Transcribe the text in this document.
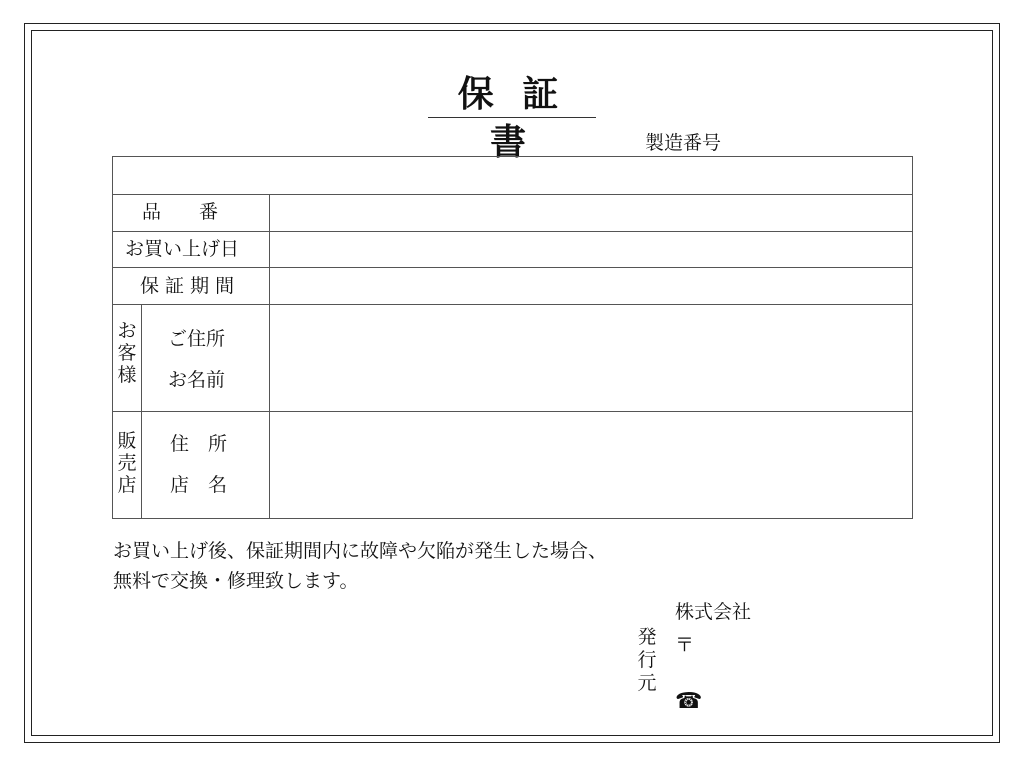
保 証 書	製造番号
品　　番
お買い上げ日
保 証 期 間
お客様
ご住所
お名前
販売店
住　所
店　名
お買い上げ後、保証期間内に故障や欠陥が発生した場合、
無料で交換・修理致します。
発行元
株式会社
〒
☎
